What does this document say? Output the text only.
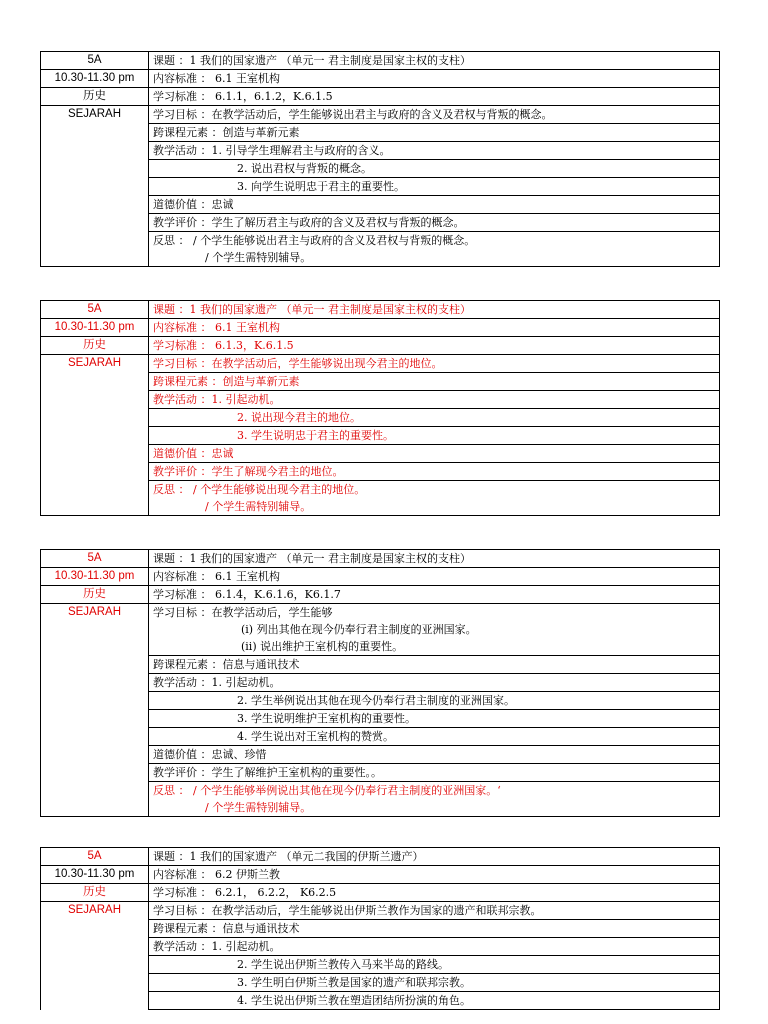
5A	课题 ：1 我们的国家遗产 （单元一 君主制度是国家主权的支柱）
10.30-11.30 pm	内容标准 ： 6.1 王室机构
历史	学习标准 ： 6.1.1，6.1.2，K.6.1.5
SEJARAH	学习目标 ：在教学活动后，学生能够说出君主与政府的含义及君权与背叛的概念。
	跨课程元素 ：创造与革新元素
	教学活动 ：1. 引导学生理解君主与政府的含义。
	2. 说出君权与背叛的概念。
	3. 向学生说明忠于君主的重要性。
	道德价值 ：忠诚
	教学评价 ：学生了解历君主与政府的含义及君权与背叛的概念。
	反思 ： / 个学生能够说出君主与政府的含义及君权与背叛的概念。
	/ 个学生需特别辅导。
5A	课题 ：1 我们的国家遗产 （单元一 君主制度是国家主权的支柱）
10.30-11.30 pm	内容标准 ： 6.1 王室机构
历史	学习标准 ： 6.1.3，K.6.1.5
SEJARAH	学习目标 ：在教学活动后，学生能够说出现今君主的地位。
	跨课程元素 ：创造与革新元素
	教学活动 ：1. 引起动机。
	2. 说出现今君主的地位。
	3. 学生说明忠于君主的重要性。
	道德价值 ：忠诚
	教学评价 ：学生了解现今君主的地位。
	反思 ： / 个学生能够说出现今君主的地位。
	/ 个学生需特别辅导。
5A	课题 ：1 我们的国家遗产 （单元一 君主制度是国家主权的支柱）
10.30-11.30 pm	内容标准 ： 6.1 王室机构
历史	学习标准 ： 6.1.4，K.6.1.6，K6.1.7
SEJARAH	学习目标 ：在教学活动后，学生能够
	(i) 列出其他在现今仍奉行君主制度的亚洲国家。
	(ii) 说出维护王室机构的重要性。
	跨课程元素 ：信息与通讯技术
	教学活动 ：1. 引起动机。
	2. 学生举例说出其他在现今仍奉行君主制度的亚洲国家。
	3. 学生说明维护王室机构的重要性。
	4. 学生说出对王室机构的赞赏。
	道德价值 ：忠诚、珍惜
	教学评价 ：学生了解维护王室机构的重要性。。
	反思 ： / 个学生能够举例说出其他在现今仍奉行君主制度的亚洲国家。‘
	/ 个学生需特别辅导。
5A	课题 ：1 我们的国家遗产 （单元二我国的伊斯兰遗产）
10.30-11.30 pm	内容标准 ： 6.2 伊斯兰教
历史	学习标准 ： 6.2.1， 6.2.2， K6.2.5
SEJARAH	学习目标 ：在教学活动后，学生能够说出伊斯兰教作为国家的遗产和联邦宗教。
	跨课程元素 ：信息与通讯技术
	教学活动 ：1. 引起动机。
	2. 学生说出伊斯兰教传入马来半岛的路线。
	3. 学生明白伊斯兰教是国家的遗产和联邦宗教。
	4. 学生说出伊斯兰教在塑造团结所扮演的角色。
